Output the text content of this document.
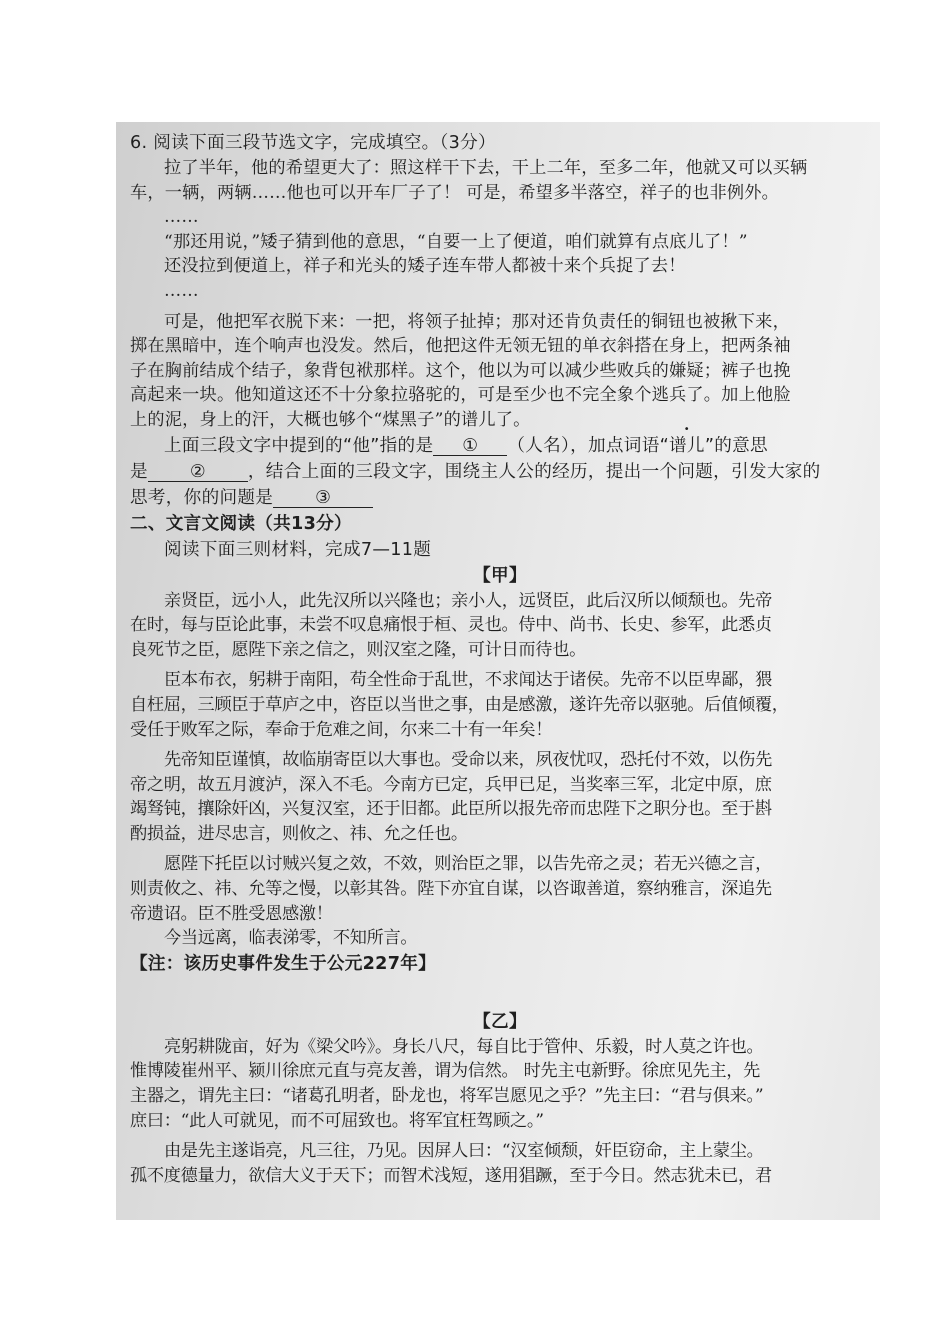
6. 阅读下面三段节选文字，完成填空。（3分）
拉了半年，他的希望更大了：照这样干下去，干上二年，至多二年，他就又可以买辆
车，一辆，两辆……他也可以开车厂子了！ 可是，希望多半落空，祥子的也非例外。
……
“那还用说，”矮子猜到他的意思，“自要一上了便道，咱们就算有点底儿了！”
还没拉到便道上，祥子和光头的矮子连车带人都被十来个兵捉了去！
……
可是，他把军衣脱下来：一把，将领子扯掉；那对还肯负责任的铜钮也被揪下来，
掷在黑暗中，连个响声也没发。然后，他把这件无领无钮的单衣斜搭在身上，把两条袖
子在胸前结成个结子，象背包袱那样。这个，他以为可以减少些败兵的嫌疑；裤子也挽
高起来一块。他知道这还不十分象拉骆驼的，可是至少也不完全象个逃兵了。加上他脸
上的泥，身上的汗，大概也够个“煤黑子”的谱儿了。
上面三段文字中提到的“他”指的是 ① （人名），加点词语“谱儿”的意思
是 ② ，结合上面的三段文字，围绕主人公的经历，提出一个问题，引发大家的
思考，你的问题是 ③
二、文言文阅读（共13分）
阅读下面三则材料，完成7—11题
【甲】
亲贤臣，远小人，此先汉所以兴隆也；亲小人，远贤臣，此后汉所以倾颓也。先帝
在时，每与臣论此事，未尝不叹息痛恨于桓、灵也。侍中、尚书、长史、参军，此悉贞
良死节之臣，愿陛下亲之信之，则汉室之隆，可计日而待也。
臣本布衣，躬耕于南阳，苟全性命于乱世，不求闻达于诸侯。先帝不以臣卑鄙，猥
自枉屈，三顾臣于草庐之中，咨臣以当世之事，由是感激，遂许先帝以驱驰。后值倾覆，
受任于败军之际，奉命于危难之间，尔来二十有一年矣！
先帝知臣谨慎，故临崩寄臣以大事也。受命以来，夙夜忧叹，恐托付不效，以伤先
帝之明，故五月渡泸，深入不毛。今南方已定，兵甲已足，当奖率三军，北定中原，庶
竭驽钝，攘除奸凶，兴复汉室，还于旧都。此臣所以报先帝而忠陛下之职分也。至于斟
酌损益，进尽忠言，则攸之、祎、允之任也。
愿陛下托臣以讨贼兴复之效，不效，则治臣之罪，以告先帝之灵；若无兴德之言，
则责攸之、祎、允等之慢，以彰其咎。陛下亦宜自谋，以咨诹善道，察纳雅言，深追先
帝遗诏。臣不胜受恩感激！
今当远离，临表涕零，不知所言。
【注：该历史事件发生于公元227年】
【乙】
亮躬耕陇亩，好为《梁父吟》。身长八尺，每自比于管仲、乐毅，时人莫之许也。
惟博陵崔州平、颍川徐庶元直与亮友善，谓为信然。 时先主屯新野。徐庶见先主，先
主器之，谓先主曰：“诸葛孔明者，卧龙也，将军岂愿见之乎？”先主曰：“君与俱来。”
庶曰：“此人可就见，而不可屈致也。将军宜枉驾顾之。”
由是先主遂诣亮，凡三往，乃见。因屏人曰：“汉室倾颓，奸臣窃命，主上蒙尘。
孤不度德量力，欲信大义于天下；而智术浅短，遂用猖蹶，至于今日。然志犹未已，君
